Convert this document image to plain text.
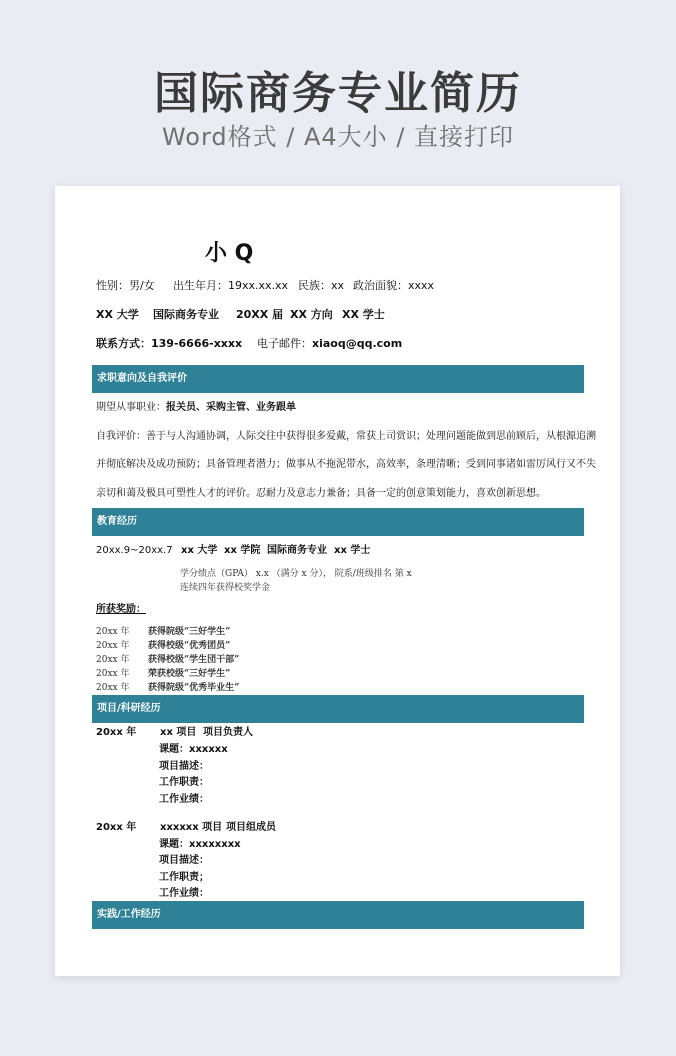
国际商务专业简历
Word格式 / A4大小 / 直接打印
小 Q
性别：男/女 出生年月：19xx.xx.xx 民族：xx 政治面貌：xxxx
XX 大学 国际商务专业 20XX 届 XX 方向 XX 学士
联系方式：139-6666-xxxx 电子邮件： xiaoq@qq.com
求职意向及自我评价
期望从事职业：报关员、采购主管、业务跟单
自我评价：善于与人沟通协调，人际交往中获得很多爱戴，常获上司赏识；处理问题能做到思前顾后，从根源追溯
并彻底解决及成功预防；具备管理者潜力；做事从不拖泥带水，高效率，条理清晰；受到同事诸如雷厉风行又不失
亲切和蔼及极具可塑性人才的评价。忍耐力及意志力兼备；具备一定的创意策划能力，喜欢创新思想。
教育经历
20xx.9~20xx.7 xx 大学 xx 学院 国际商务专业 xx 学士
学分绩点（GPA） x.x （满分 x 分）， 院系/班级排名 第 x
连续四年获得校奖学金
所获奖励：
20xx 年 获得院级“三好学生”
20xx 年 获得校级“优秀团员”
20xx 年 获得校级“学生団干部”
20xx 年 荣获校级“三好学生”
20xx 年 获得院级“优秀毕业生”
项目/科研经历
20xx 年 xx 项目 项目负责人
课题：xxxxxx
项目描述：
工作职责：
工作业绩：
20xx 年 xxxxxx 项目 项目组成员
课题：xxxxxxxx
项目描述：
工作职责；
工作业绩：
实践/工作经历
